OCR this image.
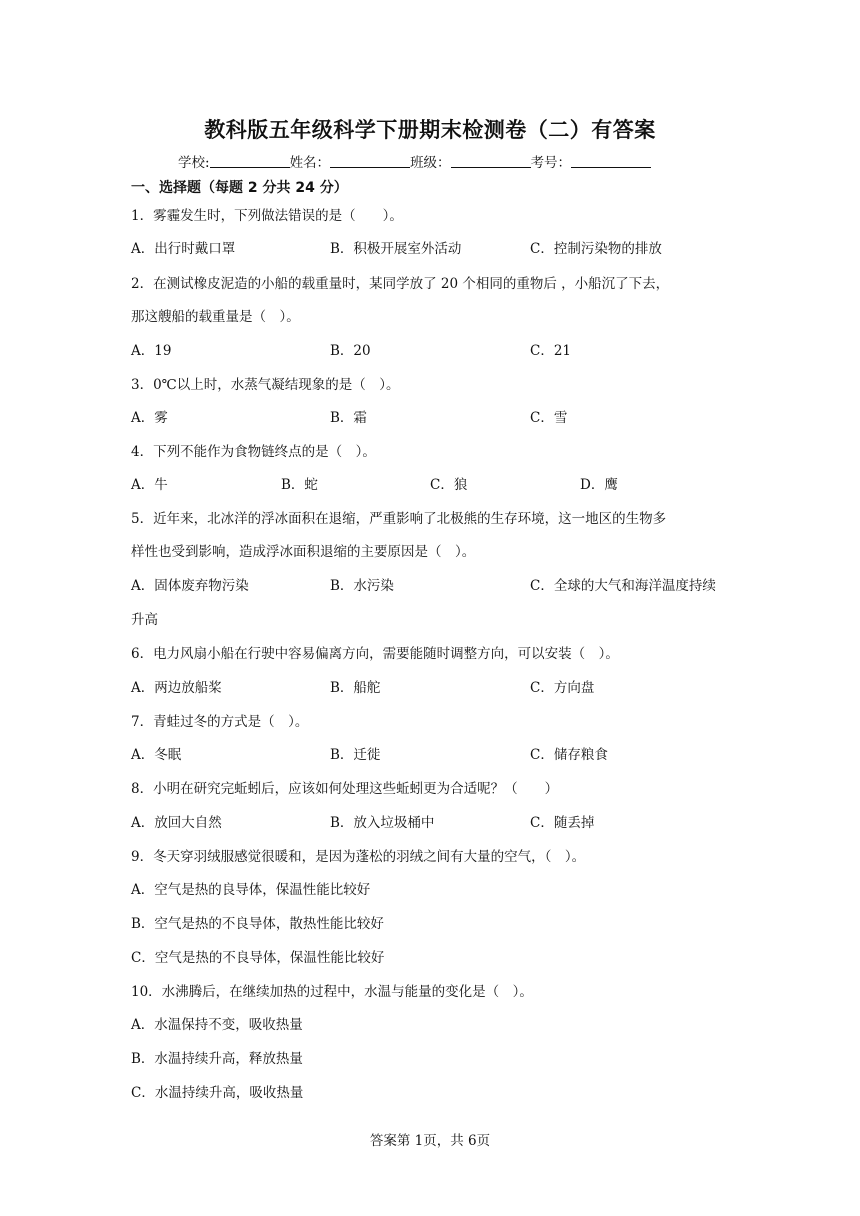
教科版五年级科学下册期末检测卷（二）有答案
学校:	姓名：	班级：	考号：
一、选择题（每题 2 分共 24 分）
1．雾霾发生时，下列做法错误的是（　　）。
A．出行时戴口罩	B．积极开展室外活动	C．控制污染物的排放
2．在测试橡皮泥造的小船的载重量时，某同学放了 20 个相同的重物后 ，小船沉了下去，
那这艘船的载重量是（　）。
A．19	B．20	C．21
3．0℃以上时，水蒸气凝结现象的是（　）。
A．雾	B．霜	C．雪
4．下列不能作为食物链终点的是（　）。
A．牛	B．蛇	C．狼	D．鹰
5．近年来，北冰洋的浮冰面积在退缩，严重影响了北极熊的生存环境，这一地区的生物多
样性也受到影响，造成浮冰面积退缩的主要原因是（　）。
A．固体废弃物污染	B．水污染	C．全球的大气和海洋温度持续
升高
6．电力风扇小船在行驶中容易偏离方向，需要能随时调整方向，可以安装（　）。
A．两边放船桨	B．船舵	C．方向盘
7．青蛙过冬的方式是（　）。
A．冬眠	B．迁徙	C．储存粮食
8．小明在研究完蚯蚓后，应该如何处理这些蚯蚓更为合适呢？（　　）
A．放回大自然	B．放入垃圾桶中	C．随丢掉
9．冬天穿羽绒服感觉很暖和，是因为蓬松的羽绒之间有大量的空气，（　）。
A．空气是热的良导体，保温性能比较好
B．空气是热的不良导体，散热性能比较好
C．空气是热的不良导体，保温性能比较好
10．水沸腾后，在继续加热的过程中，水温与能量的变化是（　）。
A．水温保持不变，吸收热量
B．水温持续升高，释放热量
C．水温持续升高，吸收热量
答案第 1页，共 6页
